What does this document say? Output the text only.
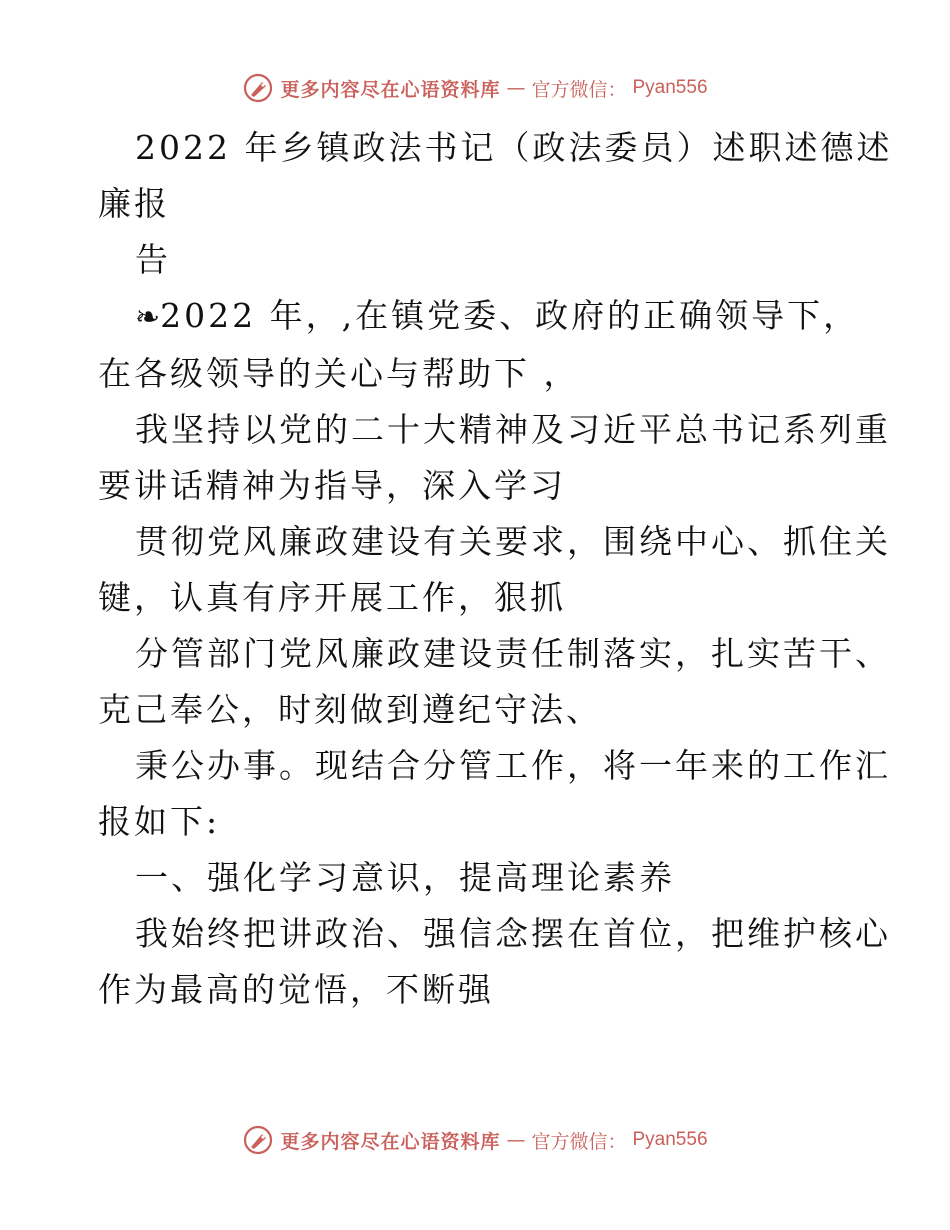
更多内容尽在心语资料库 — 官方微信： Pyan556

2022 年乡镇政法书记（政法委员）述职述德述

廉报

告

❧2022 年，,在镇党委、政府的正确领导下，

在各级领导的关心与帮助下 ，

我坚持以党的二十大精神及习近平总书记系列重

要讲话精神为指导，深入学习

贯彻党风廉政建设有关要求，围绕中心、抓住关

键，认真有序开展工作，狠抓

分管部门党风廉政建设责任制落实，扎实苦干、

克己奉公，时刻做到遵纪守法、

秉公办事。现结合分管工作，将一年来的工作汇

报如下:

一、强化学习意识，提高理论素养

我始终把讲政治、强信念摆在首位，把维护核心

作为最高的觉悟，不断强

更多内容尽在心语资料库 — 官方微信： Pyan556
